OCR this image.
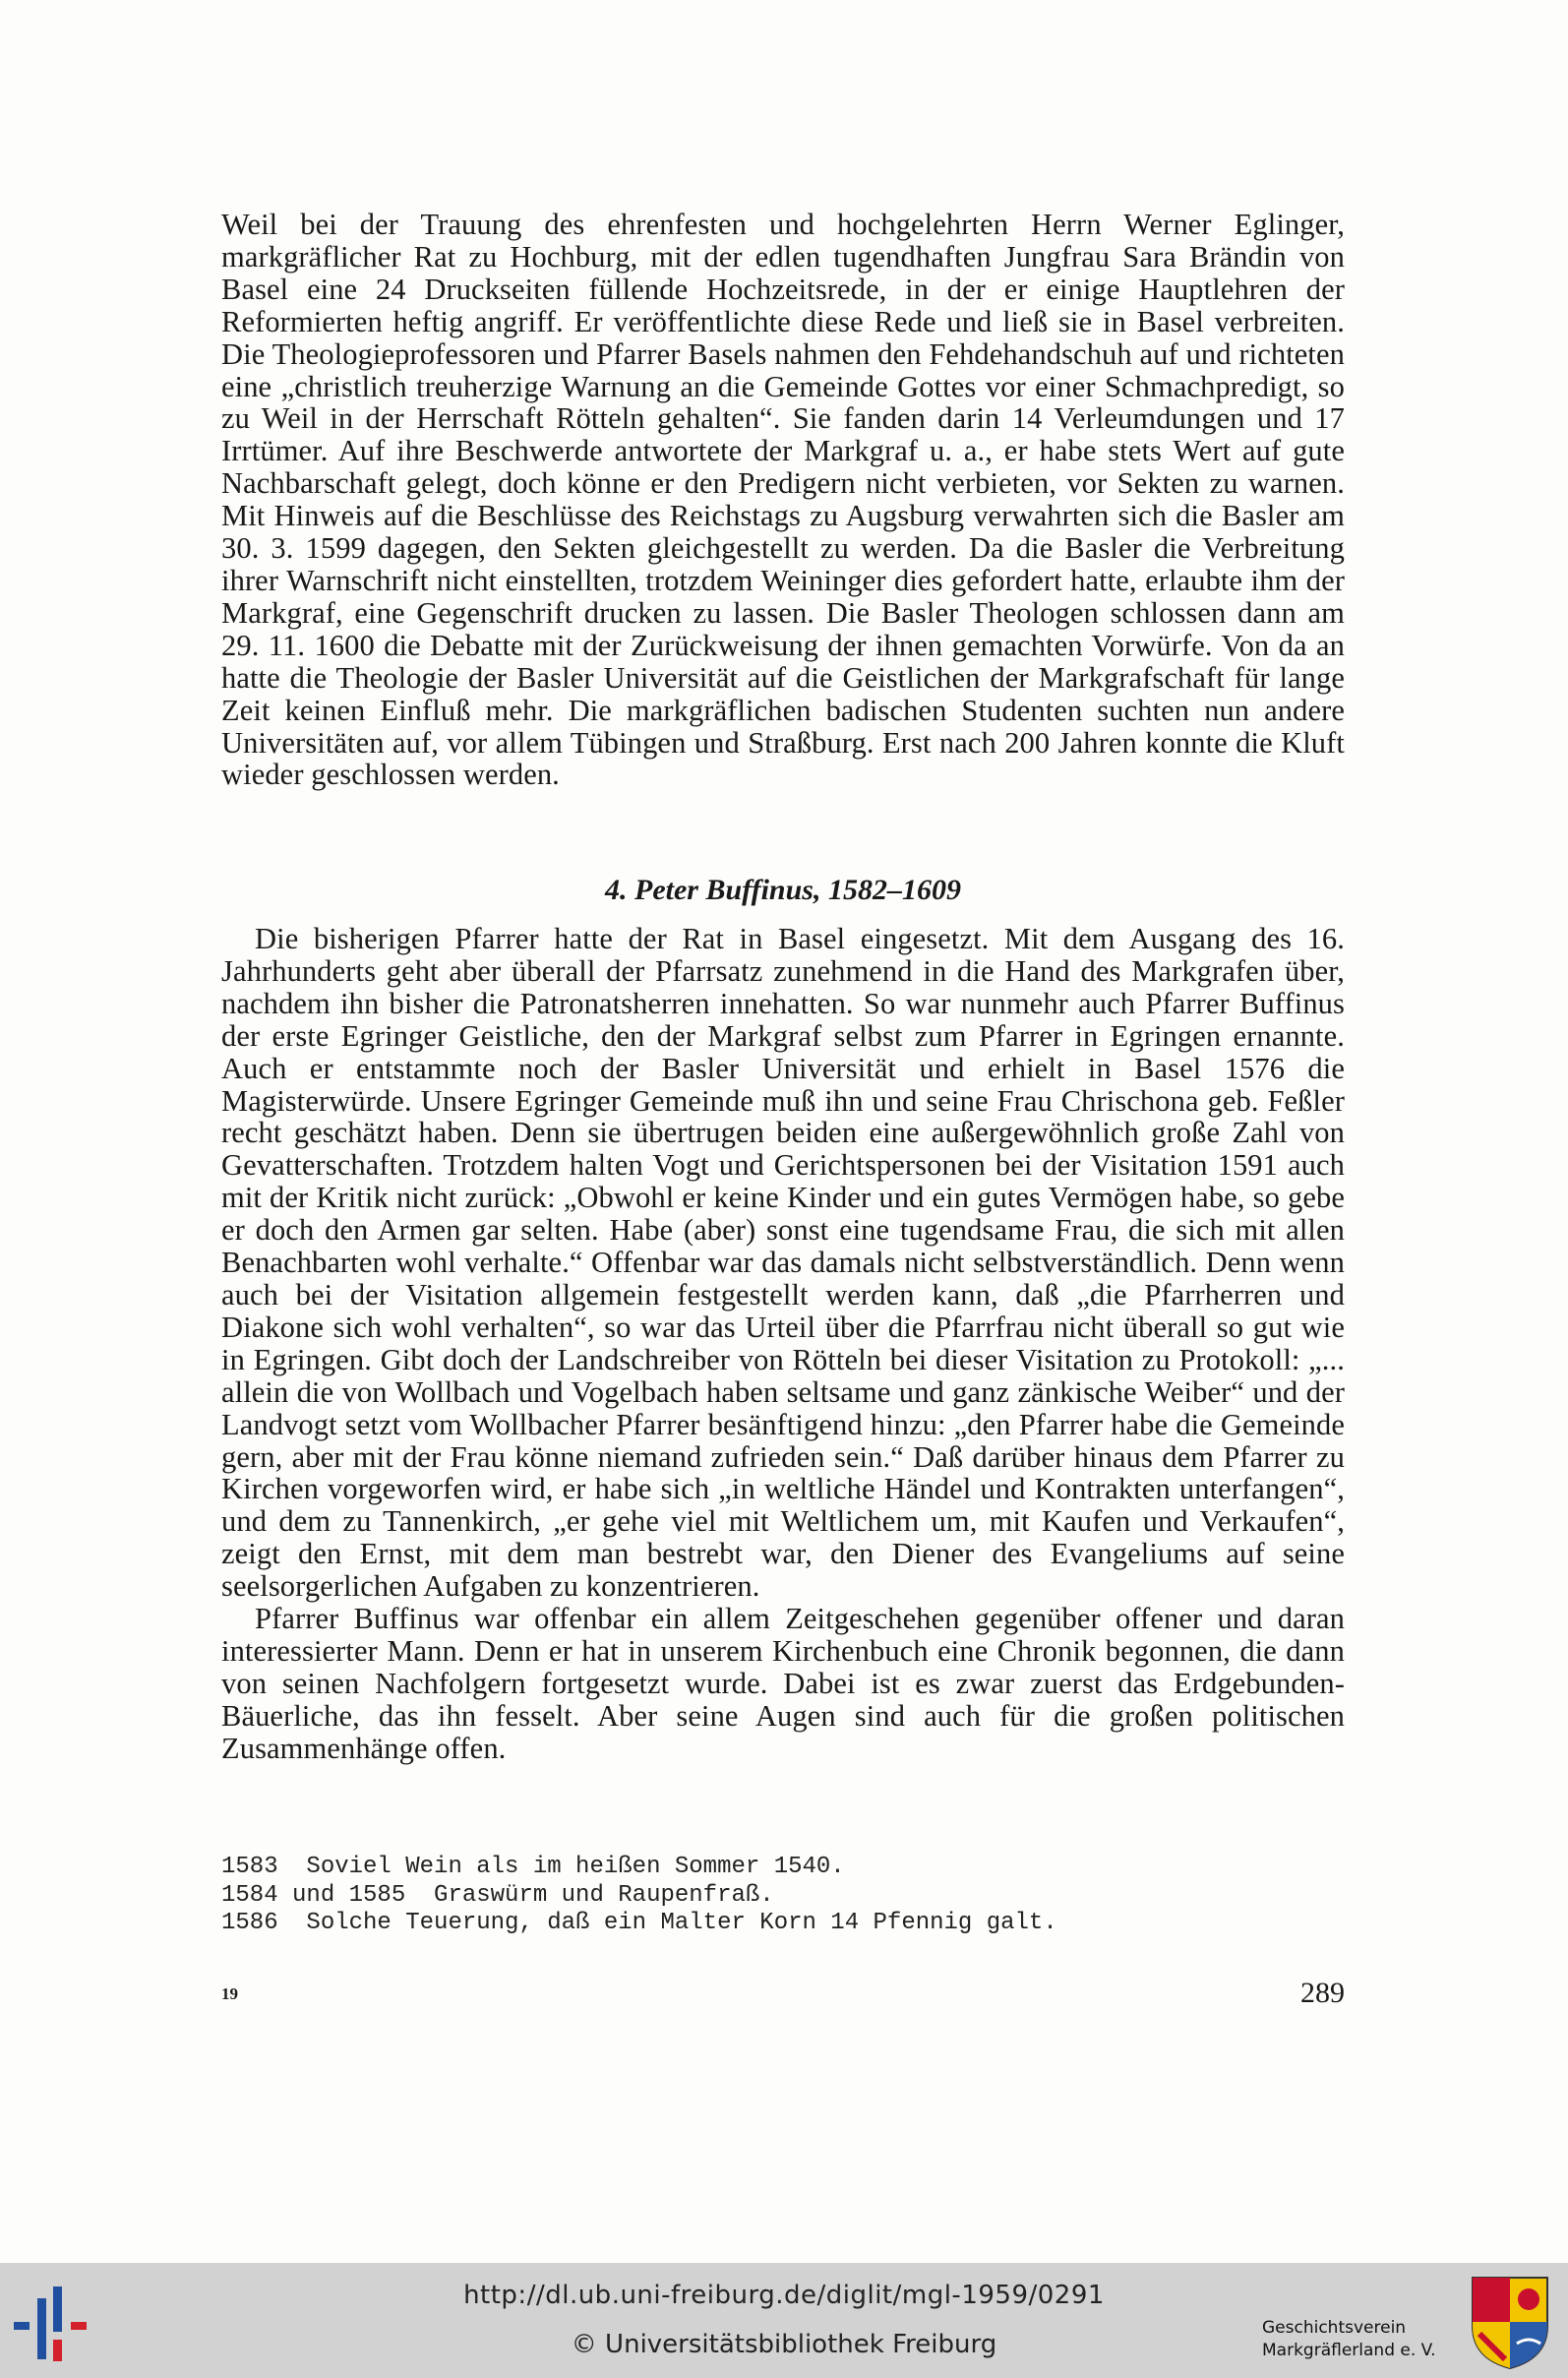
Weil bei der Trauung des ehrenfesten und hochgelehrten Herrn Werner Eglinger, markgräflicher Rat zu Hochburg, mit der edlen tugendhaften Jungfrau Sara Brändin von Basel eine 24 Druckseiten füllende Hochzeitsrede, in der er einige Hauptlehren der Reformierten heftig angriff. Er veröffentlichte diese Rede und ließ sie in Basel verbreiten. Die Theologieprofessoren und Pfarrer Basels nahmen den Fehdehandschuh auf und richteten eine „christlich treuherzige Warnung an die Gemeinde Gottes vor einer Schmachpredigt, so zu Weil in der Herrschaft Rötteln gehalten“. Sie fanden darin 14 Verleumdungen und 17 Irrtümer. Auf ihre Beschwerde antwortete der Markgraf u. a., er habe stets Wert auf gute Nachbarschaft gelegt, doch könne er den Predigern nicht verbieten, vor Sekten zu warnen. Mit Hinweis auf die Beschlüsse des Reichstags zu Augsburg verwahrten sich die Basler am 30. 3. 1599 dagegen, den Sekten gleichgestellt zu werden. Da die Basler die Verbreitung ihrer Warnschrift nicht einstellten, trotzdem Weininger dies gefordert hatte, erlaubte ihm der Markgraf, eine Gegenschrift drucken zu lassen. Die Basler Theologen schlossen dann am 29. 11. 1600 die Debatte mit der Zurückweisung der ihnen gemachten Vorwürfe. Von da an hatte die Theologie der Basler Universität auf die Geistlichen der Markgrafschaft für lange Zeit keinen Einfluß mehr. Die markgräflichen badischen Studenten suchten nun andere Universitäten auf, vor allem Tübingen und Straßburg. Erst nach 200 Jahren konnte die Kluft wieder geschlossen werden.

4. Peter Buffinus, 1582–1609

Die bisherigen Pfarrer hatte der Rat in Basel eingesetzt. Mit dem Ausgang des 16. Jahrhunderts geht aber überall der Pfarrsatz zunehmend in die Hand des Markgrafen über, nachdem ihn bisher die Patronatsherren innehatten. So war nunmehr auch Pfarrer Buffinus der erste Egringer Geistliche, den der Markgraf selbst zum Pfarrer in Egringen ernannte. Auch er entstammte noch der Basler Universität und erhielt in Basel 1576 die Magisterwürde. Unsere Egringer Gemeinde muß ihn und seine Frau Chrischona geb. Feßler recht geschätzt haben. Denn sie übertrugen beiden eine außergewöhnlich große Zahl von Gevatterschaften. Trotzdem halten Vogt und Gerichtspersonen bei der Visitation 1591 auch mit der Kritik nicht zurück: „Obwohl er keine Kinder und ein gutes Vermögen habe, so gebe er doch den Armen gar selten. Habe (aber) sonst eine tugendsame Frau, die sich mit allen Benachbarten wohl verhalte.“ Offenbar war das damals nicht selbstverständlich. Denn wenn auch bei der Visitation allgemein festgestellt werden kann, daß „die Pfarrherren und Diakone sich wohl verhalten“, so war das Urteil über die Pfarrfrau nicht überall so gut wie in Egringen. Gibt doch der Landschreiber von Rötteln bei dieser Visitation zu Protokoll: „... allein die von Wollbach und Vogelbach haben seltsame und ganz zänkische Weiber“ und der Landvogt setzt vom Wollbacher Pfarrer besänftigend hinzu: „den Pfarrer habe die Gemeinde gern, aber mit der Frau könne niemand zufrieden sein.“ Daß darüber hinaus dem Pfarrer zu Kirchen vorgeworfen wird, er habe sich „in weltliche Händel und Kontrakten unterfangen“, und dem zu Tannenkirch, „er gehe viel mit Weltlichem um, mit Kaufen und Verkaufen“, zeigt den Ernst, mit dem man bestrebt war, den Diener des Evangeliums auf seine seelsorgerlichen Aufgaben zu konzentrieren.

Pfarrer Buffinus war offenbar ein allem Zeitgeschehen gegenüber offener und daran interessierter Mann. Denn er hat in unserem Kirchenbuch eine Chronik begonnen, die dann von seinen Nachfolgern fortgesetzt wurde. Dabei ist es zwar zuerst das Erdgebunden-Bäuerliche, das ihn fesselt. Aber seine Augen sind auch für die großen politischen Zusammenhänge offen.

1583  Soviel Wein als im heißen Sommer 1540.
1584 und 1585  Graswürm und Raupenfraß.
1586  Solche Teuerung, daß ein Malter Korn 14 Pfennig galt.
19	289
http://dl.ub.uni-freiburg.de/diglit/mgl-1959/0291
© Universitätsbibliothek Freiburg
Geschichtsverein
Markgräflerland e. V.
